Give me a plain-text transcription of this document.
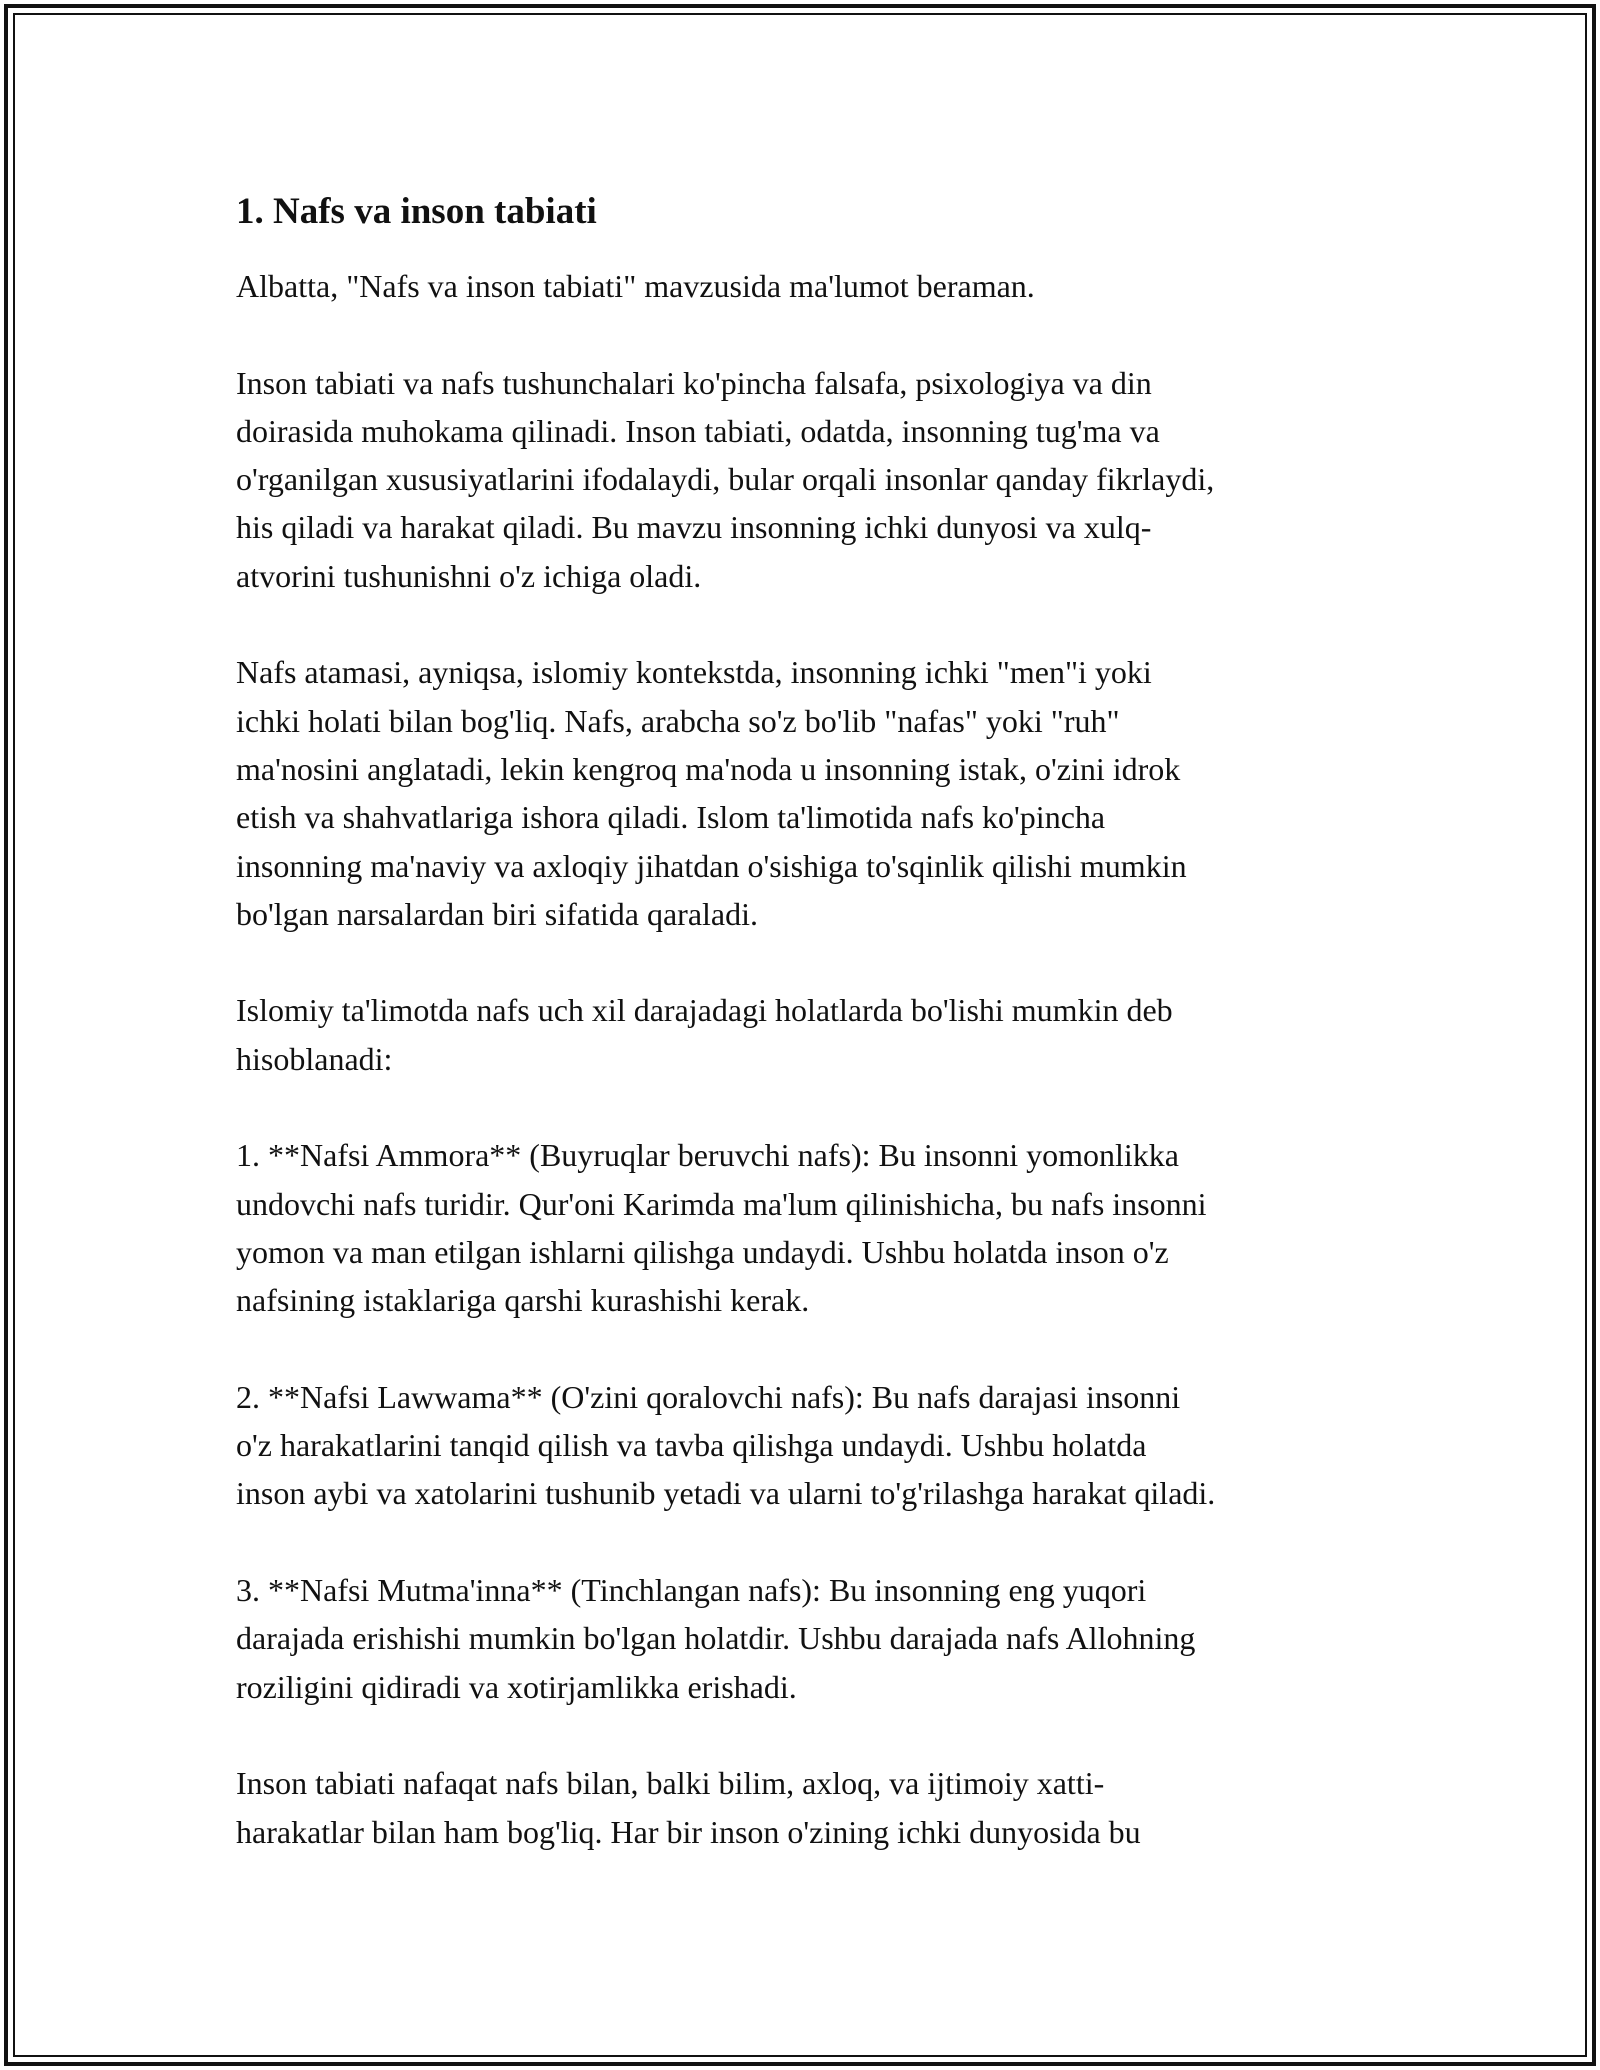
1. Nafs va inson tabiati

Albatta, "Nafs va inson tabiati" mavzusida ma'lumot beraman.

Inson tabiati va nafs tushunchalari ko'pincha falsafa, psixologiya va din
doirasida muhokama qilinadi. Inson tabiati, odatda, insonning tug'ma va
o'rganilgan xususiyatlarini ifodalaydi, bular orqali insonlar qanday fikrlaydi,
his qiladi va harakat qiladi. Bu mavzu insonning ichki dunyosi va xulq-
atvorini tushunishni o'z ichiga oladi.

Nafs atamasi, ayniqsa, islomiy kontekstda, insonning ichki "men"i yoki
ichki holati bilan bog'liq. Nafs, arabcha so'z bo'lib "nafas" yoki "ruh"
ma'nosini anglatadi, lekin kengroq ma'noda u insonning istak, o'zini idrok
etish va shahvatlariga ishora qiladi. Islom ta'limotida nafs ko'pincha
insonning ma'naviy va axloqiy jihatdan o'sishiga to'sqinlik qilishi mumkin
bo'lgan narsalardan biri sifatida qaraladi.

Islomiy ta'limotda nafs uch xil darajadagi holatlarda bo'lishi mumkin deb
hisoblanadi:

1. **Nafsi Ammora** (Buyruqlar beruvchi nafs): Bu insonni yomonlikka
undovchi nafs turidir. Qur'oni Karimda ma'lum qilinishicha, bu nafs insonni
yomon va man etilgan ishlarni qilishga undaydi. Ushbu holatda inson o'z
nafsining istaklariga qarshi kurashishi kerak.

2. **Nafsi Lawwama** (O'zini qoralovchi nafs): Bu nafs darajasi insonni
o'z harakatlarini tanqid qilish va tavba qilishga undaydi. Ushbu holatda
inson aybi va xatolarini tushunib yetadi va ularni to'g'rilashga harakat qiladi.

3. **Nafsi Mutma'inna** (Tinchlangan nafs): Bu insonning eng yuqori
darajada erishishi mumkin bo'lgan holatdir. Ushbu darajada nafs Allohning
roziligini qidiradi va xotirjamlikka erishadi.

Inson tabiati nafaqat nafs bilan, balki bilim, axloq, va ijtimoiy xatti-
harakatlar bilan ham bog'liq. Har bir inson o'zining ichki dunyosida bu
